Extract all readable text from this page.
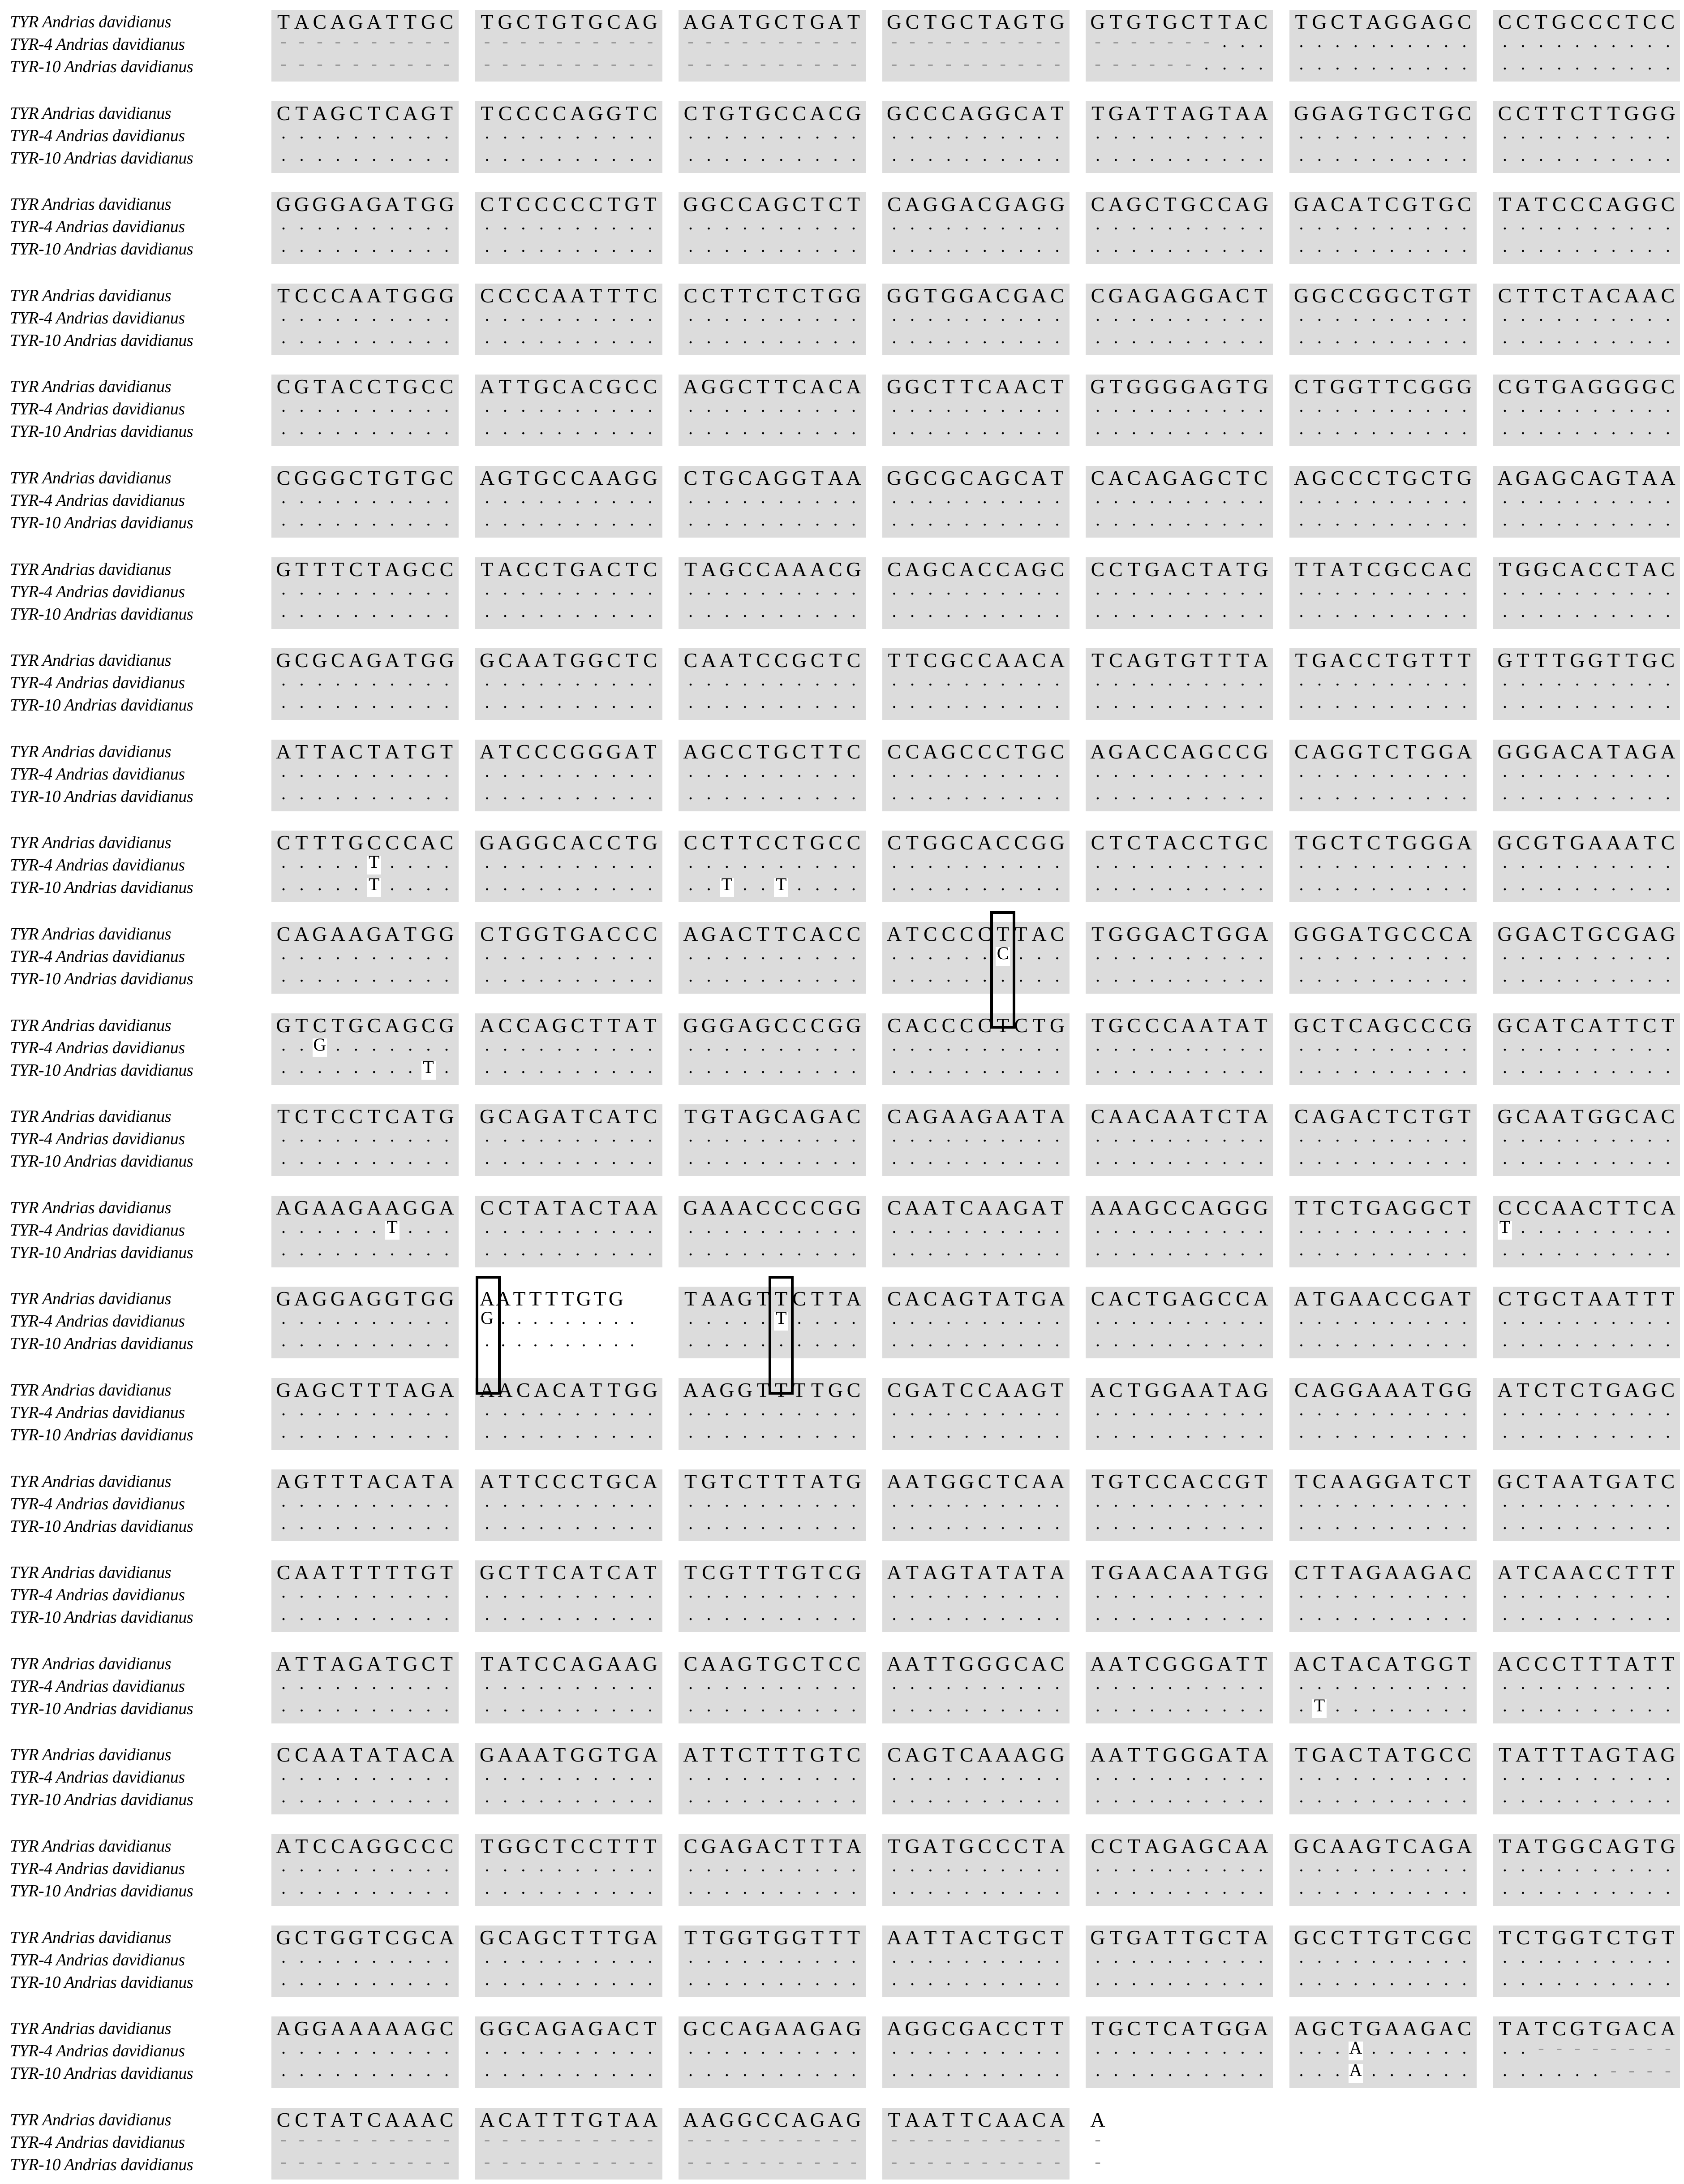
TYR Andrias davidianus
TYR-4 Andrias davidianus
TYR-10 Andrias davidianus
T A C A G A T T G C
- - - - - - - - - -
- - - - - - - - - -
T G C T G T G C A G
- - - - - - - - - -
- - - - - - - - - -
A G A T G C T G A T
- - - - - - - - - -
- - - - - - - - - -
G C T G C T A G T G
- - - - - - - - - -
- - - - - - - - - -
G T G T G C T T A C
- - - - - - - . . .
- - - - - - . . . .
T G C T A G G A G C
. . . . . . . . . .
. . . . . . . . . .
C C T G C C C T C C
. . . . . . . . . .
. . . . . . . . . .
TYR Andrias davidianus
TYR-4 Andrias davidianus
TYR-10 Andrias davidianus
C T A G C T C A G T
. . . . . . . . . .
. . . . . . . . . .
T C C C C A G G T C
. . . . . . . . . .
. . . . . . . . . .
C T G T G C C A C G
. . . . . . . . . .
. . . . . . . . . .
G C C C A G G C A T
. . . . . . . . . .
. . . . . . . . . .
T G A T T A G T A A
. . . . . . . . . .
. . . . . . . . . .
G G A G T G C T G C
. . . . . . . . . .
. . . . . . . . . .
C C T T C T T G G G
. . . . . . . . . .
. . . . . . . . . .
TYR Andrias davidianus
TYR-4 Andrias davidianus
TYR-10 Andrias davidianus
G G G G A G A T G G
. . . . . . . . . .
. . . . . . . . . .
C T C C C C C T G T
. . . . . . . . . .
. . . . . . . . . .
G G C C A G C T C T
. . . . . . . . . .
. . . . . . . . . .
C A G G A C G A G G
. . . . . . . . . .
. . . . . . . . . .
C A G C T G C C A G
. . . . . . . . . .
. . . . . . . . . .
G A C A T C G T G C
. . . . . . . . . .
. . . . . . . . . .
T A T C C C A G G C
. . . . . . . . . .
. . . . . . . . . .
TYR Andrias davidianus
TYR-4 Andrias davidianus
TYR-10 Andrias davidianus
T C C C A A T G G G
. . . . . . . . . .
. . . . . . . . . .
C C C C A A T T T C
. . . . . . . . . .
. . . . . . . . . .
C C T T C T C T G G
. . . . . . . . . .
. . . . . . . . . .
G G T G G A C G A C
. . . . . . . . . .
. . . . . . . . . .
C G A G A G G A C T
. . . . . . . . . .
. . . . . . . . . .
G G C C G G C T G T
. . . . . . . . . .
. . . . . . . . . .
C T T C T A C A A C
. . . . . . . . . .
. . . . . . . . . .
TYR Andrias davidianus
TYR-4 Andrias davidianus
TYR-10 Andrias davidianus
C G T A C C T G C C
. . . . . . . . . .
. . . . . . . . . .
A T T G C A C G C C
. . . . . . . . . .
. . . . . . . . . .
A G G C T T C A C A
. . . . . . . . . .
. . . . . . . . . .
G G C T T C A A C T
. . . . . . . . . .
. . . . . . . . . .
G T G G G G A G T G
. . . . . . . . . .
. . . . . . . . . .
C T G G T T C G G G
. . . . . . . . . .
. . . . . . . . . .
C G T G A G G G G C
. . . . . . . . . .
. . . . . . . . . .
TYR Andrias davidianus
TYR-4 Andrias davidianus
TYR-10 Andrias davidianus
C G G G C T G T G C
. . . . . . . . . .
. . . . . . . . . .
A G T G C C A A G G
. . . . . . . . . .
. . . . . . . . . .
C T G C A G G T A A
. . . . . . . . . .
. . . . . . . . . .
G G C G C A G C A T
. . . . . . . . . .
. . . . . . . . . .
C A C A G A G C T C
. . . . . . . . . .
. . . . . . . . . .
A G C C C T G C T G
. . . . . . . . . .
. . . . . . . . . .
A G A G C A G T A A
. . . . . . . . . .
. . . . . . . . . .
TYR Andrias davidianus
TYR-4 Andrias davidianus
TYR-10 Andrias davidianus
G T T T C T A G C C
. . . . . . . . . .
. . . . . . . . . .
T A C C T G A C T C
. . . . . . . . . .
. . . . . . . . . .
T A G C C A A A C G
. . . . . . . . . .
. . . . . . . . . .
C A G C A C C A G C
. . . . . . . . . .
. . . . . . . . . .
C C T G A C T A T G
. . . . . . . . . .
. . . . . . . . . .
T T A T C G C C A C
. . . . . . . . . .
. . . . . . . . . .
T G G C A C C T A C
. . . . . . . . . .
. . . . . . . . . .
TYR Andrias davidianus
TYR-4 Andrias davidianus
TYR-10 Andrias davidianus
G C G C A G A T G G
. . . . . . . . . .
. . . . . . . . . .
G C A A T G G C T C
. . . . . . . . . .
. . . . . . . . . .
C A A T C C G C T C
. . . . . . . . . .
. . . . . . . . . .
T T C G C C A A C A
. . . . . . . . . .
. . . . . . . . . .
T C A G T G T T T A
. . . . . . . . . .
. . . . . . . . . .
T G A C C T G T T T
. . . . . . . . . .
. . . . . . . . . .
G T T T G G T T G C
. . . . . . . . . .
. . . . . . . . . .
TYR Andrias davidianus
TYR-4 Andrias davidianus
TYR-10 Andrias davidianus
A T T A C T A T G T
. . . . . . . . . .
. . . . . . . . . .
A T C C C G G G A T
. . . . . . . . . .
. . . . . . . . . .
A G C C T G C T T C
. . . . . . . . . .
. . . . . . . . . .
C C A G C C C T G C
. . . . . . . . . .
. . . . . . . . . .
A G A C C A G C C G
. . . . . . . . . .
. . . . . . . . . .
C A G G T C T G G A
. . . . . . . . . .
. . . . . . . . . .
G G G A C A T A G A
. . . . . . . . . .
. . . . . . . . . .
TYR Andrias davidianus
TYR-4 Andrias davidianus
TYR-10 Andrias davidianus
C T T T G C C C A C
. . . . . T . . . .
. . . . . T . . . .
G A G G C A C C T G
. . . . . . . . . .
. . . . . . . . . .
C C T T C C T G C C
. . . . . . . . . .
. . T . . T . . . .
C T G G C A C C G G
. . . . . . . . . .
. . . . . . . . . .
C T C T A C C T G C
. . . . . . . . . .
. . . . . . . . . .
T G C T C T G G G A
. . . . . . . . . .
. . . . . . . . . .
G C G T G A A A T C
. . . . . . . . . .
. . . . . . . . . .
TYR Andrias davidianus
TYR-4 Andrias davidianus
TYR-10 Andrias davidianus
C A G A A G A T G G
. . . . . . . . . .
. . . . . . . . . .
C T G G T G A C C C
. . . . . . . . . .
. . . . . . . . . .
A G A C T T C A C C
. . . . . . . . . .
. . . . . . . . . .
A T C C C C T T A C
. . . . . . C . . .
. . . . . . . . . .
T G G G A C T G G A
. . . . . . . . . .
. . . . . . . . . .
G G G A T G C C C A
. . . . . . . . . .
. . . . . . . . . .
G G A C T G C G A G
. . . . . . . . . .
. . . . . . . . . .
TYR Andrias davidianus
TYR-4 Andrias davidianus
TYR-10 Andrias davidianus
G T C T G C A G C G
. . G . . . . . . .
. . . . . . . . T .
A C C A G C T T A T
. . . . . . . . . .
. . . . . . . . . .
G G G A G C C C G G
. . . . . . . . . .
. . . . . . . . . .
C A C C C C T C T G
. . . . . . . . . .
. . . . . . . . . .
T G C C C A A T A T
. . . . . . . . . .
. . . . . . . . . .
G C T C A G C C C G
. . . . . . . . . .
. . . . . . . . . .
G C A T C A T T C T
. . . . . . . . . .
. . . . . . . . . .
TYR Andrias davidianus
TYR-4 Andrias davidianus
TYR-10 Andrias davidianus
T C T C C T C A T G
. . . . . . . . . .
. . . . . . . . . .
G C A G A T C A T C
. . . . . . . . . .
. . . . . . . . . .
T G T A G C A G A C
. . . . . . . . . .
. . . . . . . . . .
C A G A A G A A T A
. . . . . . . . . .
. . . . . . . . . .
C A A C A A T C T A
. . . . . . . . . .
. . . . . . . . . .
C A G A C T C T G T
. . . . . . . . . .
. . . . . . . . . .
G C A A T G G C A C
. . . . . . . . . .
. . . . . . . . . .
TYR Andrias davidianus
TYR-4 Andrias davidianus
TYR-10 Andrias davidianus
A G A A G A A G G A
. . . . . . T . . .
. . . . . . . . . .
C C T A T A C T A A
. . . . . . . . . .
. . . . . . . . . .
G A A A C C C C G G
. . . . . . . . . .
. . . . . . . . . .
C A A T C A A G A T
. . . . . . . . . .
. . . . . . . . . .
A A A G C C A G G G
. . . . . . . . . .
. . . . . . . . . .
T T C T G A G G C T
. . . . . . . . . .
. . . . . . . . . .
C C C A A C T T C A
T . . . . . . . . .
. . . . . . . . . .
TYR Andrias davidianus
TYR-4 Andrias davidianus
TYR-10 Andrias davidianus
G A G G A G G T G G
. . . . . . . . . .
. . . . . . . . . .
A A T T T T G T G
G . . . . . . . . .
. . . . . . . . . .
T A A G T T C T T A
. . . . . T . . . .
. . . . . . . . . .
C A C A G T A T G A
. . . . . . . . . .
. . . . . . . . . .
C A C T G A G C C A
. . . . . . . . . .
. . . . . . . . . .
A T G A A C C G A T
. . . . . . . . . .
. . . . . . . . . .
C T G C T A A T T T
. . . . . . . . . .
. . . . . . . . . .
TYR Andrias davidianus
TYR-4 Andrias davidianus
TYR-10 Andrias davidianus
G A G C T T T A G A
. . . . . . . . . .
. . . . . . . . . .
A A C A C A T T G G
. . . . . . . . . .
. . . . . . . . . .
A A G G T T T T G C
. . . . . . . . . .
. . . . . . . . . .
C G A T C C A A G T
. . . . . . . . . .
. . . . . . . . . .
A C T G G A A T A G
. . . . . . . . . .
. . . . . . . . . .
C A G G A A A T G G
. . . . . . . . . .
. . . . . . . . . .
A T C T C T G A G C
. . . . . . . . . .
. . . . . . . . . .
TYR Andrias davidianus
TYR-4 Andrias davidianus
TYR-10 Andrias davidianus
A G T T T A C A T A
. . . . . . . . . .
. . . . . . . . . .
A T T C C C T G C A
. . . . . . . . . .
. . . . . . . . . .
T G T C T T T A T G
. . . . . . . . . .
. . . . . . . . . .
A A T G G C T C A A
. . . . . . . . . .
. . . . . . . . . .
T G T C C A C C G T
. . . . . . . . . .
. . . . . . . . . .
T C A A G G A T C T
. . . . . . . . . .
. . . . . . . . . .
G C T A A T G A T C
. . . . . . . . . .
. . . . . . . . . .
TYR Andrias davidianus
TYR-4 Andrias davidianus
TYR-10 Andrias davidianus
C A A T T T T T G T
. . . . . . . . . .
. . . . . . . . . .
G C T T C A T C A T
. . . . . . . . . .
. . . . . . . . . .
T C G T T T G T C G
. . . . . . . . . .
. . . . . . . . . .
A T A G T A T A T A
. . . . . . . . . .
. . . . . . . . . .
T G A A C A A T G G
. . . . . . . . . .
. . . . . . . . . .
C T T A G A A G A C
. . . . . . . . . .
. . . . . . . . . .
A T C A A C C T T T
. . . . . . . . . .
. . . . . . . . . .
TYR Andrias davidianus
TYR-4 Andrias davidianus
TYR-10 Andrias davidianus
A T T A G A T G C T
. . . . . . . . . .
. . . . . . . . . .
T A T C C A G A A G
. . . . . . . . . .
. . . . . . . . . .
C A A G T G C T C C
. . . . . . . . . .
. . . . . . . . . .
A A T T G G G C A C
. . . . . . . . . .
. . . . . . . . . .
A A T C G G G A T T
. . . . . . . . . .
. . . . . . . . . .
A C T A C A T G G T
. . . . . . . . . .
. T . . . . . . . .
A C C C T T T A T T
. . . . . . . . . .
. . . . . . . . . .
TYR Andrias davidianus
TYR-4 Andrias davidianus
TYR-10 Andrias davidianus
C C A A T A T A C A
. . . . . . . . . .
. . . . . . . . . .
G A A A T G G T G A
. . . . . . . . . .
. . . . . . . . . .
A T T C T T T G T C
. . . . . . . . . .
. . . . . . . . . .
C A G T C A A A G G
. . . . . . . . . .
. . . . . . . . . .
A A T T G G G A T A
. . . . . . . . . .
. . . . . . . . . .
T G A C T A T G C C
. . . . . . . . . .
. . . . . . . . . .
T A T T T A G T A G
. . . . . . . . . .
. . . . . . . . . .
TYR Andrias davidianus
TYR-4 Andrias davidianus
TYR-10 Andrias davidianus
A T C C A G G C C C
. . . . . . . . . .
. . . . . . . . . .
T G G C T C C T T T
. . . . . . . . . .
. . . . . . . . . .
C G A G A C T T T A
. . . . . . . . . .
. . . . . . . . . .
T G A T G C C C T A
. . . . . . . . . .
. . . . . . . . . .
C C T A G A G C A A
. . . . . . . . . .
. . . . . . . . . .
G C A A G T C A G A
. . . . . . . . . .
. . . . . . . . . .
T A T G G C A G T G
. . . . . . . . . .
. . . . . . . . . .
TYR Andrias davidianus
TYR-4 Andrias davidianus
TYR-10 Andrias davidianus
G C T G G T C G C A
. . . . . . . . . .
. . . . . . . . . .
G C A G C T T T G A
. . . . . . . . . .
. . . . . . . . . .
T T G G T G G T T T
. . . . . . . . . .
. . . . . . . . . .
A A T T A C T G C T
. . . . . . . . . .
. . . . . . . . . .
G T G A T T G C T A
. . . . . . . . . .
. . . . . . . . . .
G C C T T G T C G C
. . . . . . . . . .
. . . . . . . . . .
T C T G G T C T G T
. . . . . . . . . .
. . . . . . . . . .
TYR Andrias davidianus
TYR-4 Andrias davidianus
TYR-10 Andrias davidianus
A G G A A A A A G C
. . . . . . . . . .
. . . . . . . . . .
G G C A G A G A C T
. . . . . . . . . .
. . . . . . . . . .
G C C A G A A G A G
. . . . . . . . . .
. . . . . . . . . .
A G G C G A C C T T
. . . . . . . . . .
. . . . . . . . . .
T G C T C A T G G A
. . . . . . . . . .
. . . . . . . . . .
A G C T G A A G A C
. . . A . . . . . .
. . . A . . . . . .
T A T C G T G A C A
. . - - - - - - - -
. . . . . . - - - -
TYR Andrias davidianus
TYR-4 Andrias davidianus
TYR-10 Andrias davidianus
C C T A T C A A A C
- - - - - - - - - -
- - - - - - - - - -
A C A T T T G T A A
- - - - - - - - - -
- - - - - - - - - -
A A G G C C A G A G
- - - - - - - - - -
- - - - - - - - - -
T A A T T C A A C A
- - - - - - - - - -
- - - - - - - - - -
A
-
-
